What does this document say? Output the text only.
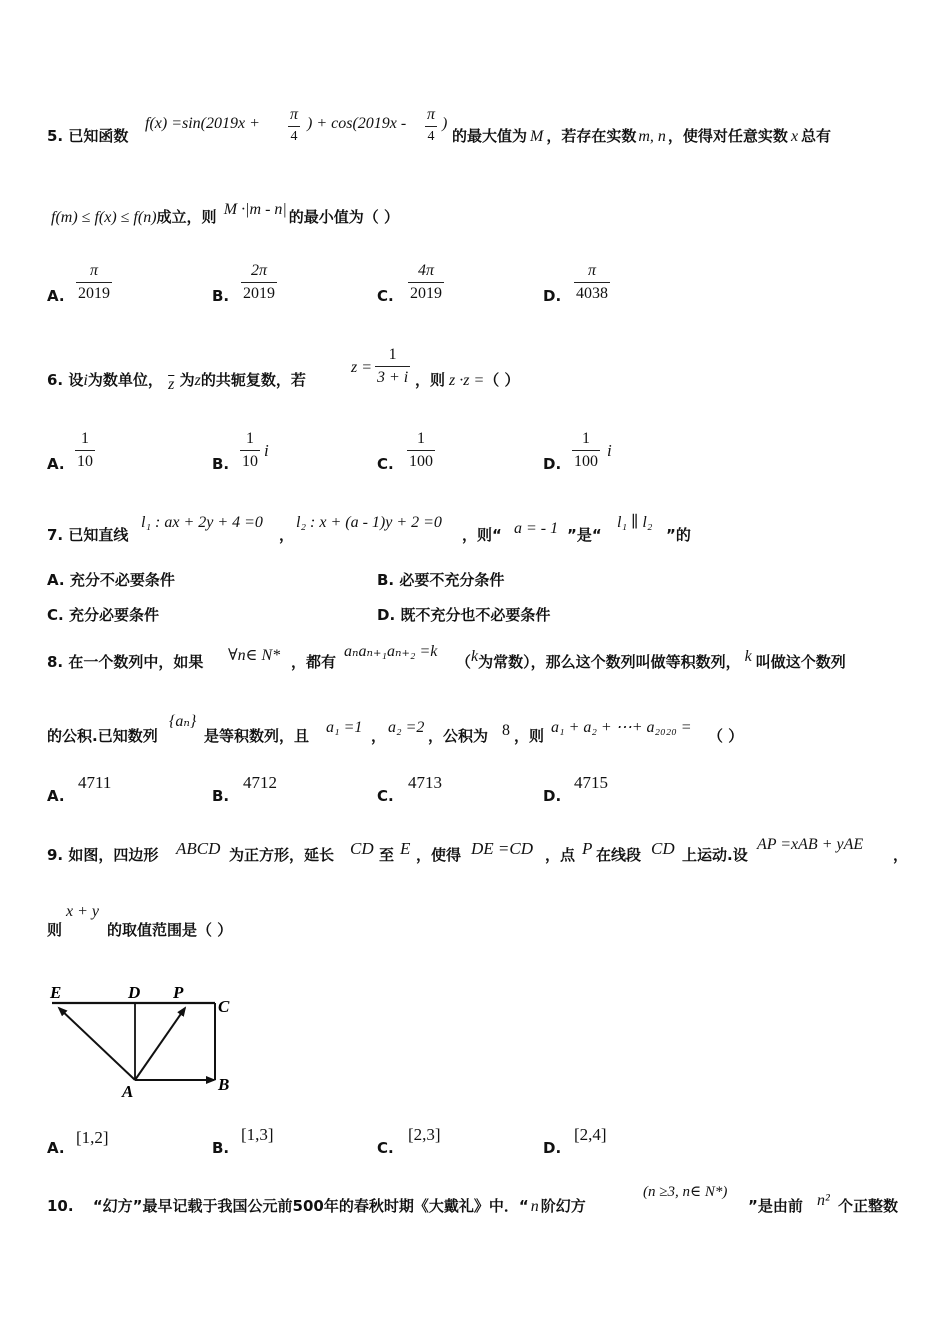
5. 已知函数
f(x) =sin(2019x +
π
4
) + cos(2019x -
π
4
)
的最大值为 M ，若存在实数 m, n ，使得对任意实数 x 总有
f(m) ≤ f(x) ≤ f(n)成立，则 M ·|m - n| 的最小值为（ ）
A.
π
2019	B.
2π
2019	C.
4π
2019	D.
π
4038
6. 设i为数单位， $\overline{z}$ 为z的共轭复数，若
z =
1
3 + i ，则 z ·z =（ ）
A.
1
10	B.
1
10
i
C.
1
100	D.
1
100
i
7. 已知直线
l₁ : ax + 2y + 4 =0
，
l₂ : x + (a - 1)y + 2 =0
，则“ a = - 1 ”是“
l₁ ∥ l₂
”的
A. 充分不必要条件	B. 必要不充分条件
C. 充分必要条件	D. 既不充分也不必要条件
8. 在一个数列中，如果 ∀n∈ N* ，都有
aₙaₙ₊₁aₙ₊₂ =k
（k为常数），那么这个数列叫做等积数列， k 叫做这个数列
的公积.已知数列
{aₙ}
是等积数列，且 a₁ =1 ， a₂ =2 ，公积为 8 ，则 a₁ + a₂ + ⋯+ a₂₀₂₀ = （ ）
A.
4711
B.
4712
C.
4713
D.
4715
9. 如图，四边形 ABCD 为正方形，延长 CD 至 E ，使得 DE =CD ，点 P 在线段 CD 上运动.设
AP =xAB + yAE
，
则
x + y
的取值范围是（ ）
E	D P
C
A	B
A.
[1,2]
B.
[1,3]
C.
[2,3]
D.
[2,4]
10. “幻方”最早记载于我国公元前500年的春秋时期《大戴礼》中．“ n 阶幻方
(n ≥3, n∈ N*)
”是由前 n² 个正整数
